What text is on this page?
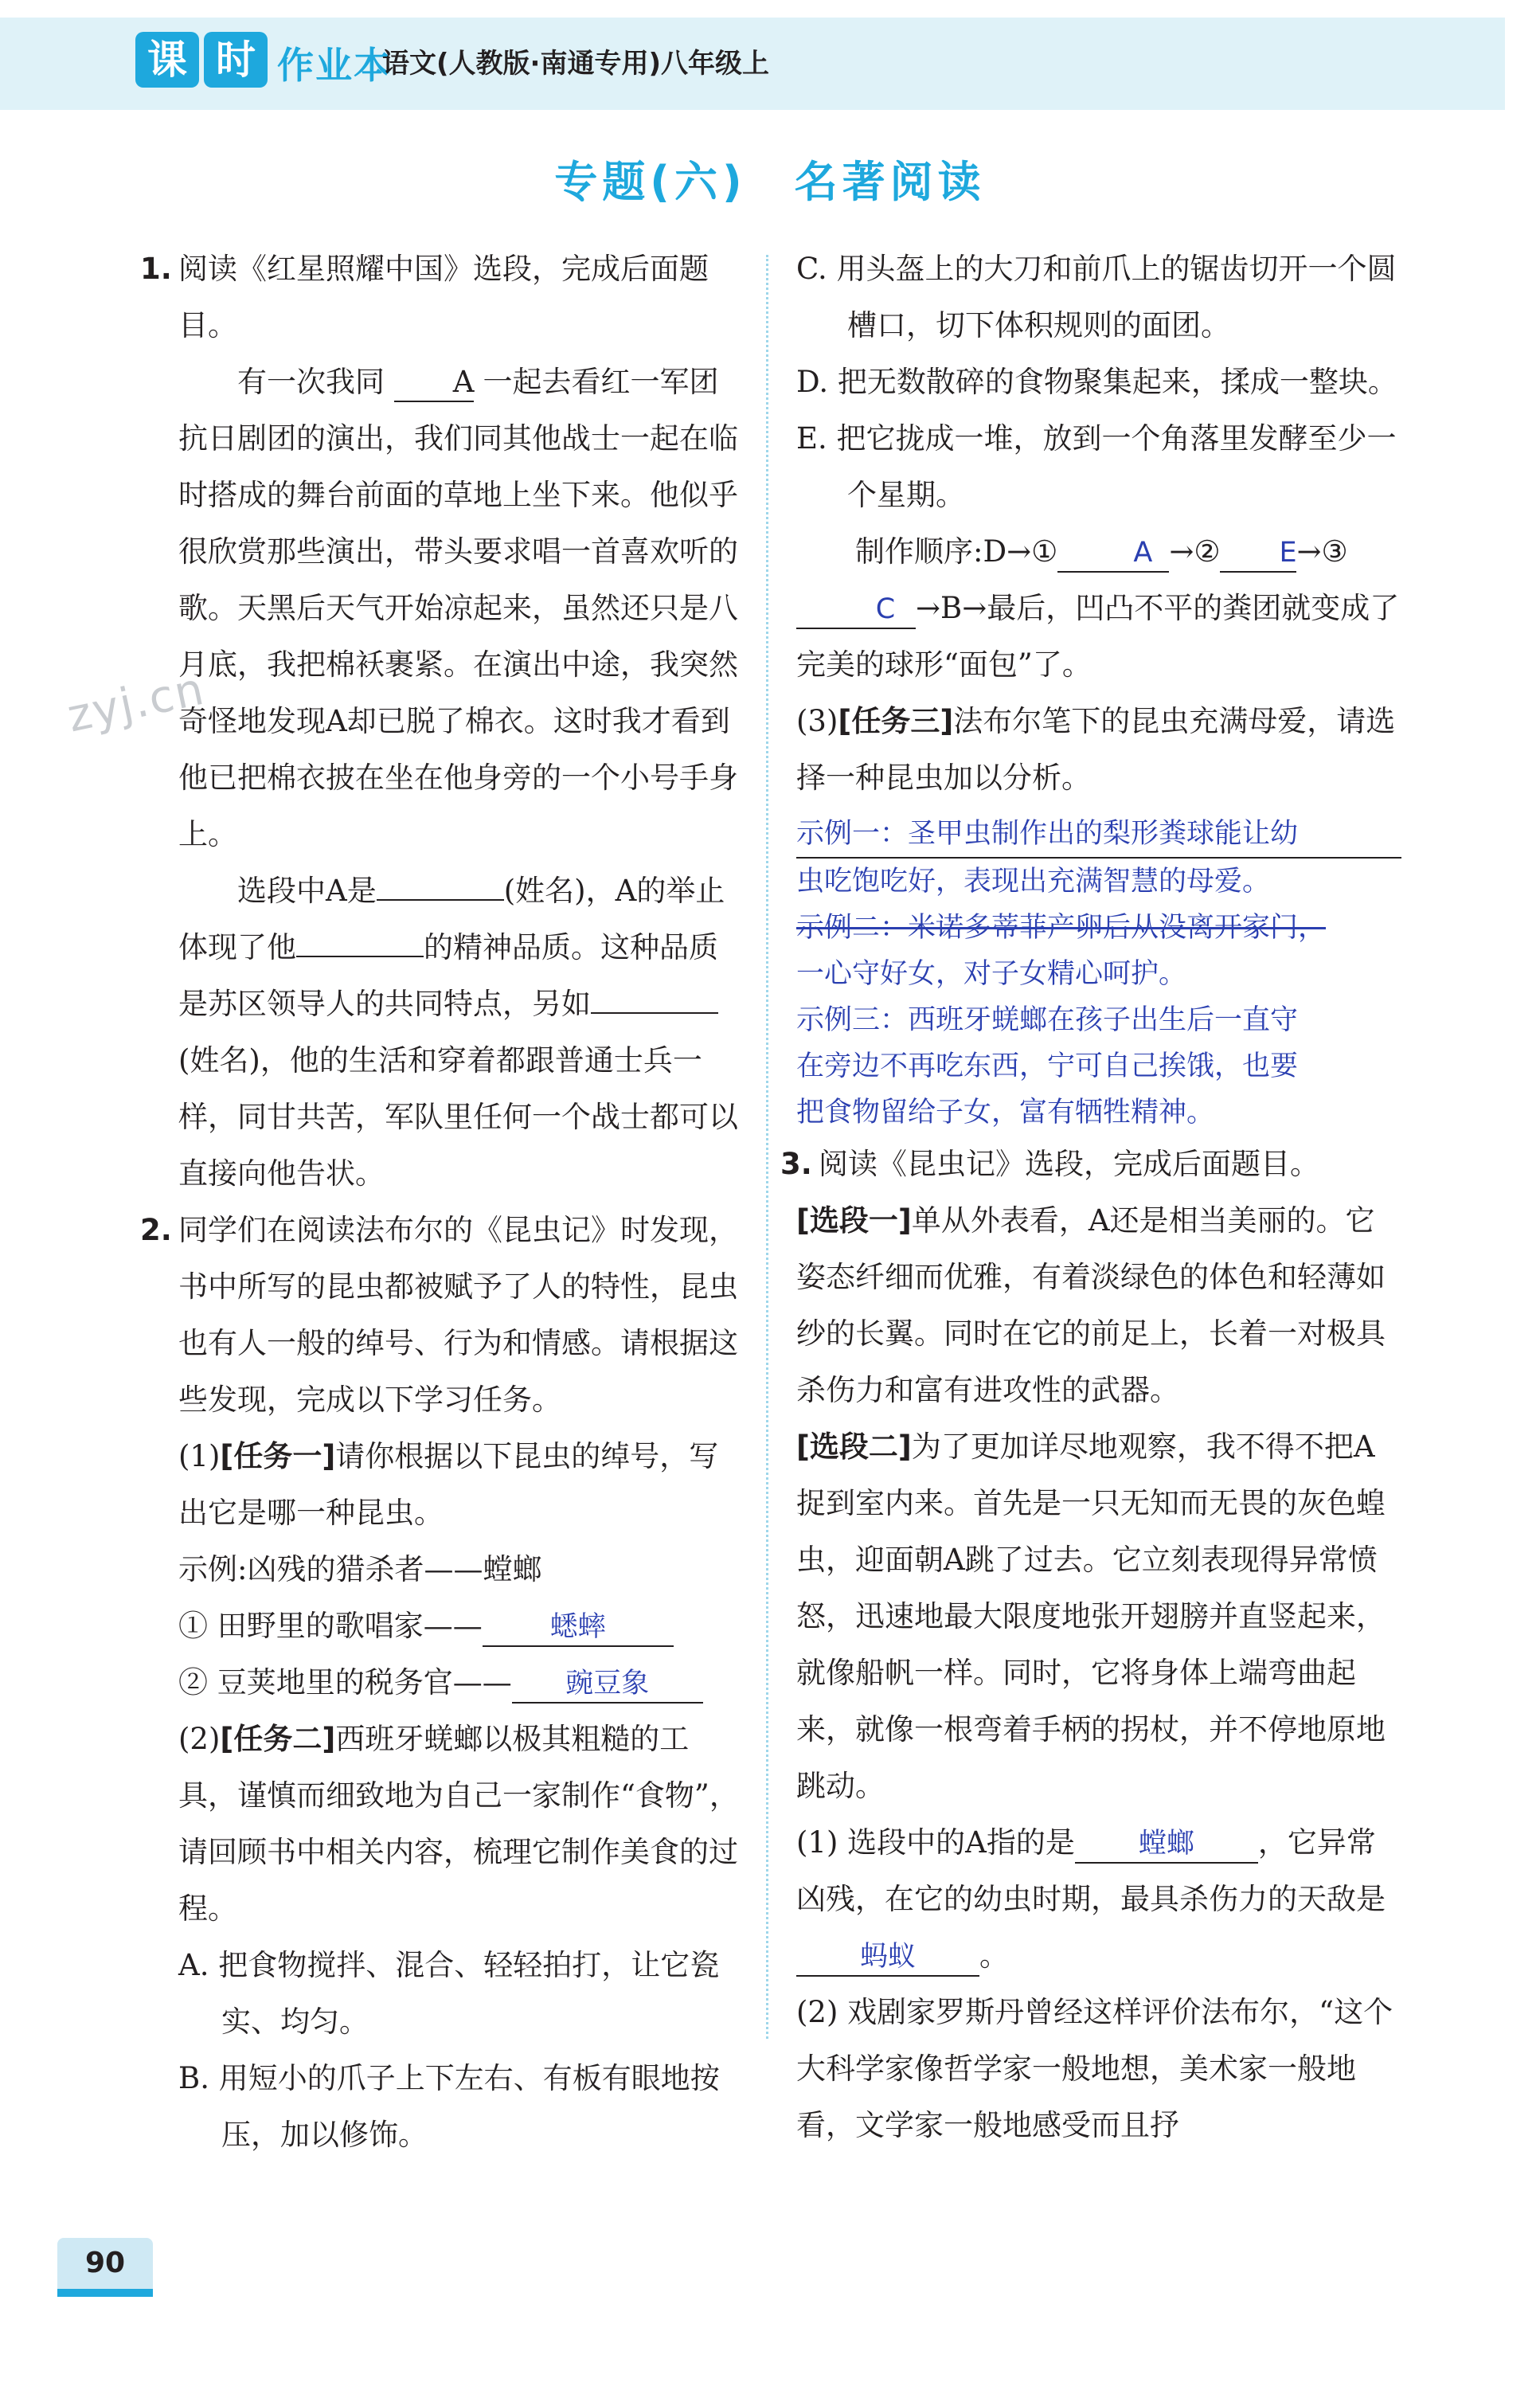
课 时 作业本
语文(人教版·南通专用)八年级上
专题(六)　名著阅读
zyj.cn

1. 阅读《红星照耀中国》选段，完成后面题目。

有一次我同 A 一起去看红一军团抗日剧团的演出，我们同其他战士一起在临时搭成的舞台前面的草地上坐下来。他似乎很欣赏那些演出，带头要求唱一首喜欢听的歌。天黑后天气开始凉起来，虽然还只是八月底，我把棉袄裹紧。在演出中途，我突然奇怪地发现A却已脱了棉衣。这时我才看到他已把棉衣披在坐在他身旁的一个小号手身上。

选段中A是	(姓名)，A的举止体现了他	的精神品质。这种品质是苏区领导人的共同特点，另如(姓名)，他的生活和穿着都跟普通士兵一样，同甘共苦，军队里任何一个战士都可以直接向他告状。

2. 同学们在阅读法布尔的《昆虫记》时发现，书中所写的昆虫都被赋予了人的特性，昆虫也有人一般的绰号、行为和情感。请根据这些发现，完成以下学习任务。

(1)[任务一]请你根据以下昆虫的绰号，写出它是哪一种昆虫。

示例:凶残的猎杀者——螳螂

① 田野里的歌唱家—— 蟋蟀

② 豆荚地里的税务官—— 豌豆象

(2)[任务二]西班牙蜣螂以极其粗糙的工具，谨慎而细致地为自己一家制作“食物”，请回顾书中相关内容，梳理它制作美食的过程。

A. 把食物搅拌、混合、轻轻拍打，让它瓷实、均匀。

B. 用短小的爪子上下左右、有板有眼地按压，加以修饰。

C. 用头盔上的大刀和前爪上的锯齿切开一个圆槽口，切下体积规则的面团。

D. 把无数散碎的食物聚集起来，揉成一整块。

E. 把它拢成一堆，放到一个角落里发酵至少一个星期。

制作顺序:D→①	A →② E→③C →B→最后，凹凸不平的粪团就变成了完美的球形“面包”了。

(3)[任务三]法布尔笔下的昆虫充满母爱，请选择一种昆虫加以分析。

示例一：圣甲虫制作出的梨形粪球能让幼
虫吃饱吃好，表现出充满智慧的母爱。
示例二：米诺多蒂菲产卵后从没离开家门，
一心守好女，对子女精心呵护。
示例三：西班牙蜣螂在孩子出生后一直守
在旁边不再吃东西，宁可自己挨饿，也要
把食物留给子女，富有牺牲精神。

3. 阅读《昆虫记》选段，完成后面题目。

[选段一]单从外表看，A还是相当美丽的。它姿态纤细而优雅，有着淡绿色的体色和轻薄如纱的长翼。同时在它的前足上，长着一对极具杀伤力和富有进攻性的武器。

[选段二]为了更加详尽地观察，我不得不把A捉到室内来。首先是一只无知而无畏的灰色蝗虫，迎面朝A跳了过去。它立刻表现得异常愤怒，迅速地最大限度地张开翅膀并直竖起来，就像船帆一样。同时，它将身体上端弯曲起来，就像一根弯着手柄的拐杖，并不停地原地跳动。

(1) 选段中的A指的是 螳螂 ，它异常凶残，在它的幼虫时期，最具杀伤力的天敌是蚂蚁 。

(2) 戏剧家罗斯丹曾经这样评价法布尔，“这个大科学家像哲学家一般地想，美术家一般地看，文学家一般地感受而且抒

90
